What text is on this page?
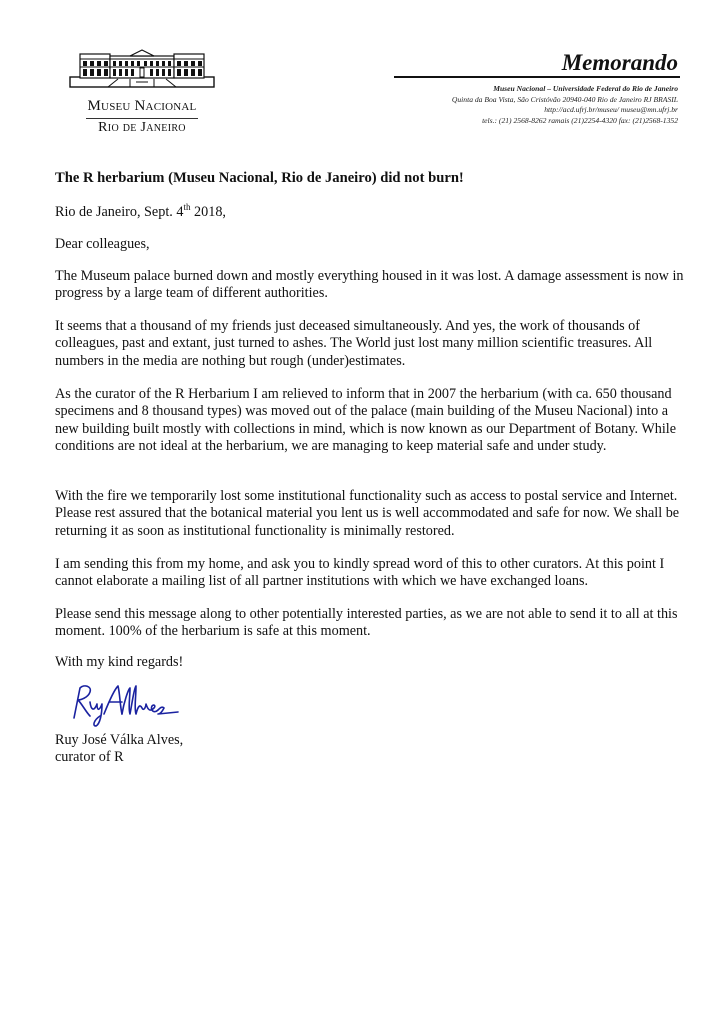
Museu Nacional
Rio de Janeiro
Memorando
Museu Nacional – Universidade Federal do Rio de Janeiro
Quinta da Boa Vista, São Cristóvão 20940-040 Rio de Janeiro RJ BRASIL
http://acd.ufrj.br/museu/ museu@mn.ufrj.br
tels.: (21) 2568-8262 ramais (21)2254-4320 fax: (21)2568-1352
The R herbarium (Museu Nacional, Rio de Janeiro) did not burn!
Rio de Janeiro, Sept. 4th 2018,
Dear colleagues,

The Museum palace burned down and mostly everything housed in it was lost. A damage assessment is now in progress by a large team of different authorities.

It seems that a thousand of my friends just deceased simultaneously. And yes, the work of thousands of colleagues, past and extant, just turned to ashes. The World just lost many million scientific treasures. All numbers in the media are nothing but rough (under)estimates.

As the curator of the R Herbarium I am relieved to inform that in 2007 the herbarium (with ca. 650 thousand specimens and 8 thousand types) was moved out of the palace (main building of the Museu Nacional) into a new building built mostly with collections in mind, which is now known as our Department of Botany. While conditions are not ideal at the herbarium, we are managing to keep material safe and under study.

With the fire we temporarily lost some institutional functionality such as access to postal service and Internet. Please rest assured that the botanical material you lent us is well accommodated and safe for now. We shall be returning it as soon as institutional functionality is minimally restored.

I am sending this from my home, and ask you to kindly spread word of this to other curators. At this point I cannot elaborate a mailing list of all partner institutions with which we have exchanged loans.

Please send this message along to other potentially interested parties, as we are not able to send it to all at this moment. 100% of the herbarium is safe at this moment.

With my kind regards!
Ruy José Válka Alves,
curator of R
